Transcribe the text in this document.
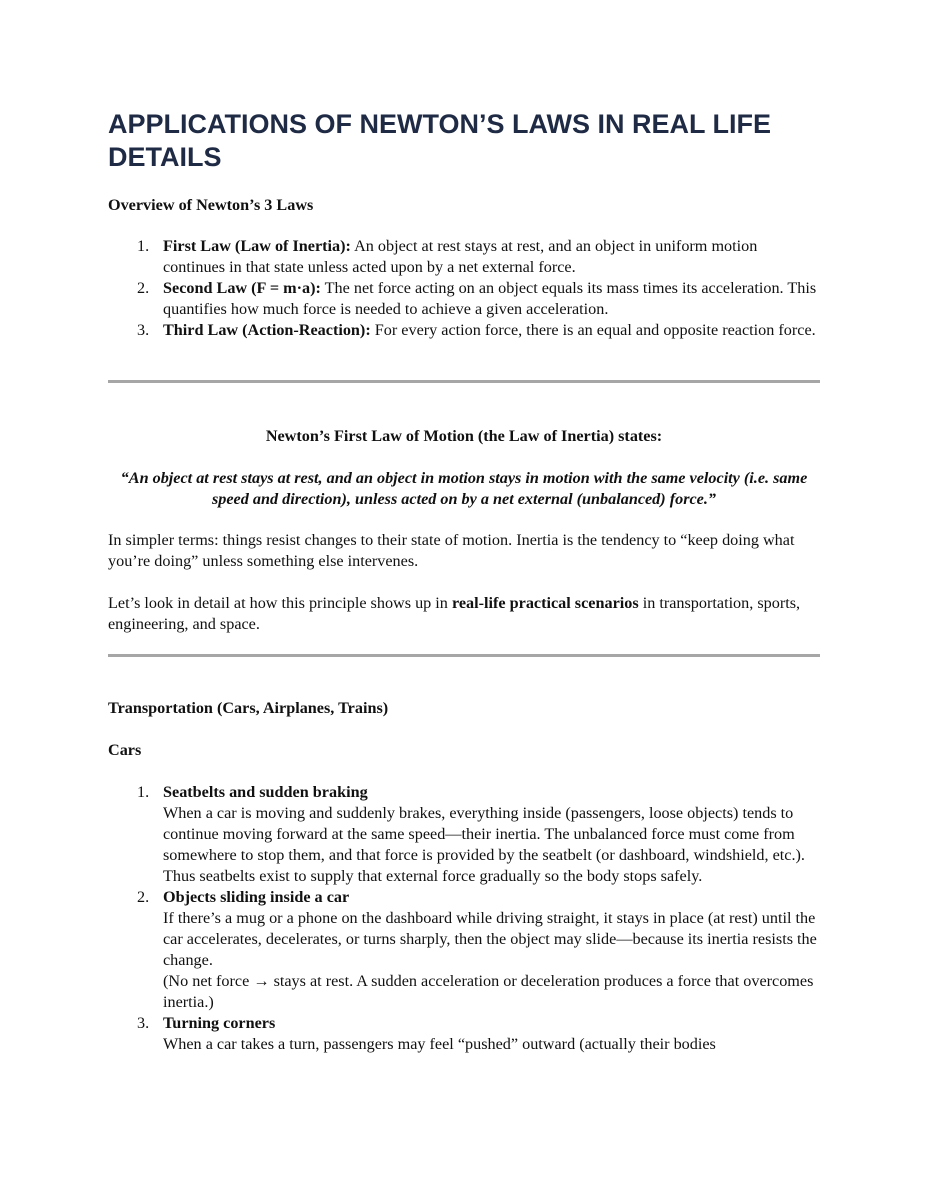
APPLICATIONS OF NEWTON’S LAWS IN REAL LIFE DETAILS

Overview of Newton’s 3 Laws

1. First Law (Law of Inertia): An object at rest stays at rest, and an object in uniform motion continues in that state unless acted upon by a net external force.
2. Second Law (F = m·a): The net force acting on an object equals its mass times its acceleration. This quantifies how much force is needed to achieve a given acceleration.
3. Third Law (Action-Reaction): For every action force, there is an equal and opposite reaction force.
Newton’s First Law of Motion (the Law of Inertia) states:
“An object at rest stays at rest, and an object in motion stays in motion with the same velocity (i.e. same speed and direction), unless acted on by a net external (unbalanced) force.”

In simpler terms: things resist changes to their state of motion. Inertia is the tendency to “keep doing what you’re doing” unless something else intervenes.

Let’s look in detail at how this principle shows up in real-life practical scenarios in transportation, sports, engineering, and space.

Transportation (Cars, Airplanes, Trains)

Cars

1. Seatbelts and sudden braking
When a car is moving and suddenly brakes, everything inside (passengers, loose objects) tends to continue moving forward at the same speed—their inertia. The unbalanced force must come from somewhere to stop them, and that force is provided by the seatbelt (or dashboard, windshield, etc.). Thus seatbelts exist to supply that external force gradually so the body stops safely.
2. Objects sliding inside a car
If there’s a mug or a phone on the dashboard while driving straight, it stays in place (at rest) until the car accelerates, decelerates, or turns sharply, then the object may slide—because its inertia resists the change.
(No net force → stays at rest. A sudden acceleration or deceleration produces a force that overcomes inertia.)
3. Turning corners
When a car takes a turn, passengers may feel “pushed” outward (actually their bodies
